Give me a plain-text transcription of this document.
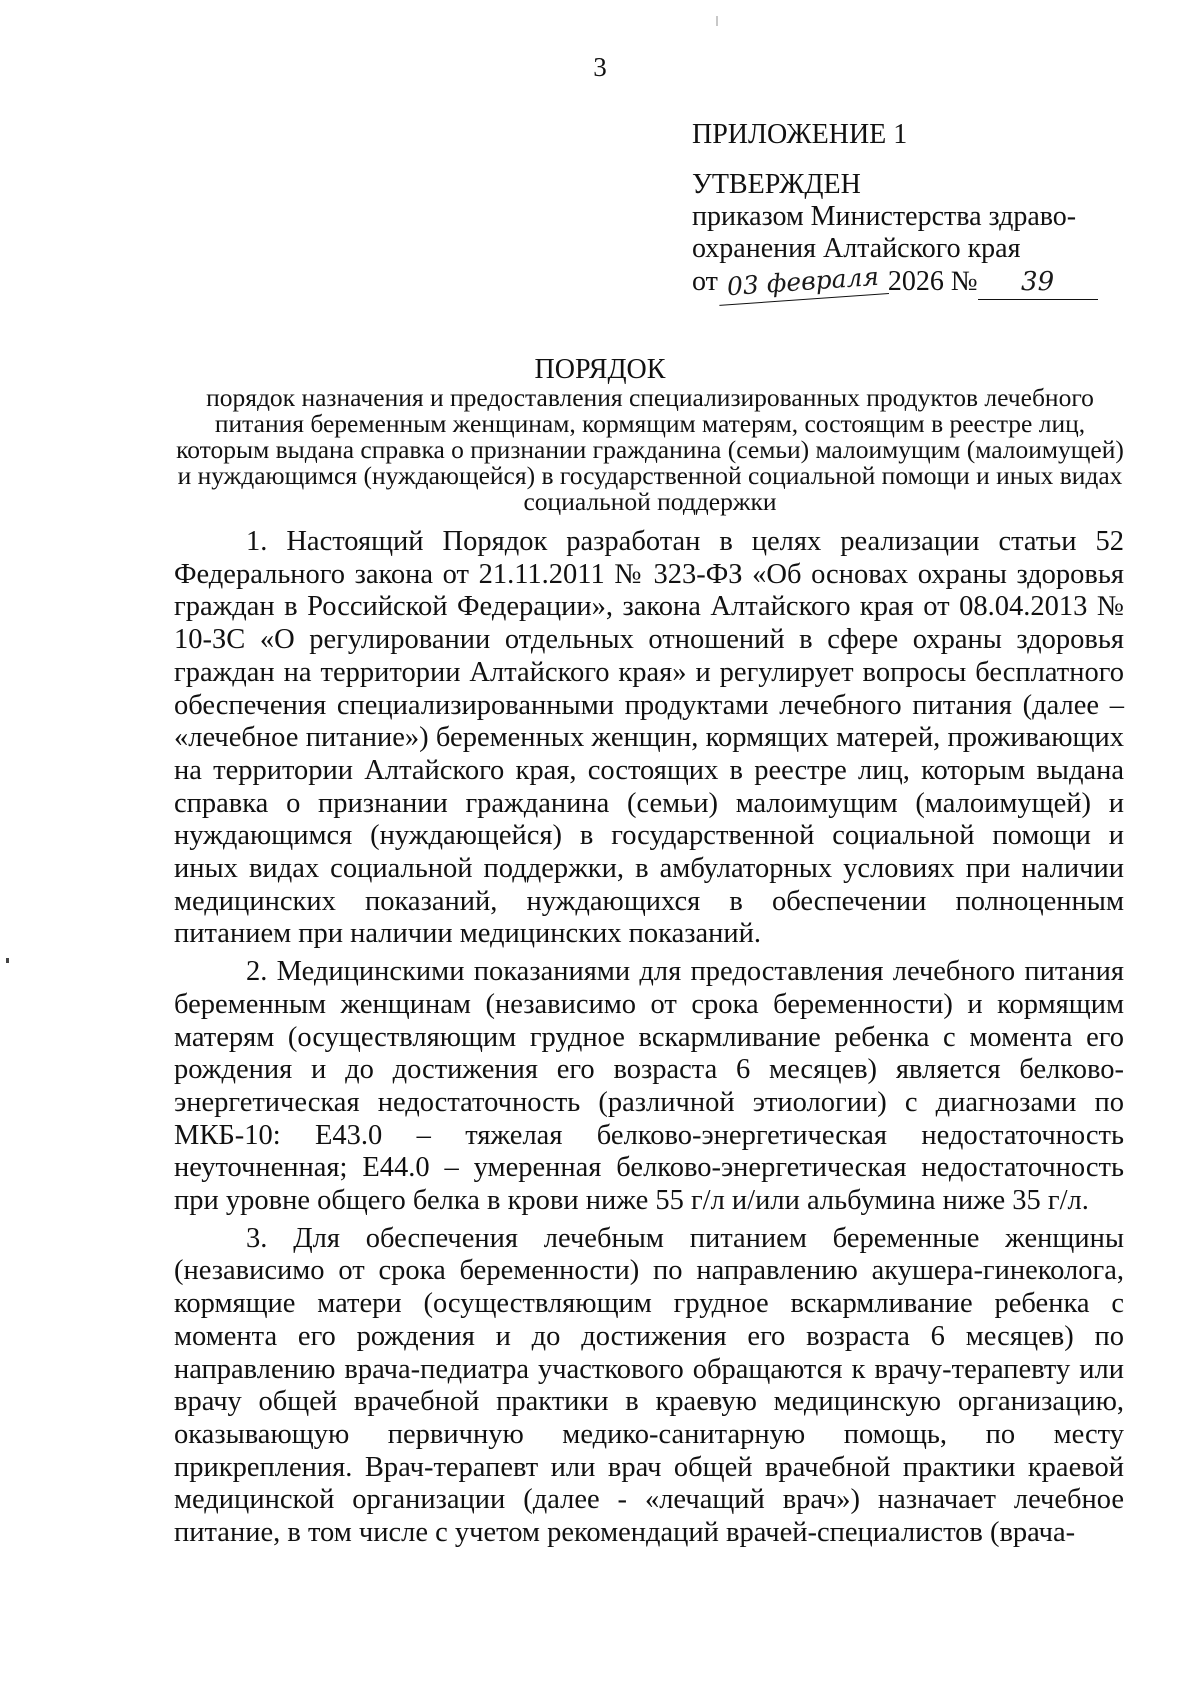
3
ПРИЛОЖЕНИЕ 1
УТВЕРЖДЕН
приказом Министерства здраво-
охранения Алтайского края
от 03 февраля 2026 № 39
ПОРЯДОК
порядок назначения и предоставления специализированных продуктов лечебного питания беременным женщинам, кормящим матерям, состоящим в реестре лиц, которым выдана справка о признании гражданина (семьи) малоимущим (малоимущей) и нуждающимся (нуждающейся) в государственной социальной помощи и иных видах социальной поддержки

1. Настоящий Порядок разработан в целях реализации статьи 52 Федерального закона от 21.11.2011 № 323-ФЗ «Об основах охраны здоровья граждан в Российской Федерации», закона Алтайского края от 08.04.2013 № 10-ЗС «О регулировании отдельных отношений в сфере охраны здоровья граждан на территории Алтайского края» и регулирует вопросы бесплатного обеспечения специализированными продуктами лечебного питания (далее – «лечебное питание») беременных женщин, кормящих матерей, проживающих на территории Алтайского края, состоящих в реестре лиц, которым выдана справка о признании гражданина (семьи) малоимущим (малоимущей) и нуждающимся (нуждающейся) в государственной социальной помощи и иных видах социальной поддержки, в амбулаторных условиях при наличии медицинских показаний, нуждающихся в обеспечении полноценным питанием при наличии медицинских показаний.

2. Медицинскими показаниями для предоставления лечебного питания беременным женщинам (независимо от срока беременности) и кормящим матерям (осуществляющим грудное вскармливание ребенка с момента его рождения и до достижения его возраста 6 месяцев) является белково-энергетическая недостаточность (различной этиологии) с диагнозами по МКБ-10: E43.0 – тяжелая белково-энергетическая недостаточность неуточненная; E44.0 – умеренная белково-энергетическая недостаточность при уровне общего белка в крови ниже 55 г/л и/или альбумина ниже 35 г/л.

3. Для обеспечения лечебным питанием беременные женщины (независимо от срока беременности) по направлению акушера-гинеколога, кормящие матери (осуществляющим грудное вскармливание ребенка с момента его рождения и до достижения его возраста 6 месяцев) по направлению врача-педиатра участкового обращаются к врачу-терапевту или врачу общей врачебной практики в краевую медицинскую организацию, оказывающую первичную медико-санитарную помощь, по месту прикрепления. Врач-терапевт или врач общей врачебной практики краевой медицинской организации (далее - «лечащий врач») назначает лечебное питание, в том числе с учетом рекомендаций врачей-специалистов (врача-
